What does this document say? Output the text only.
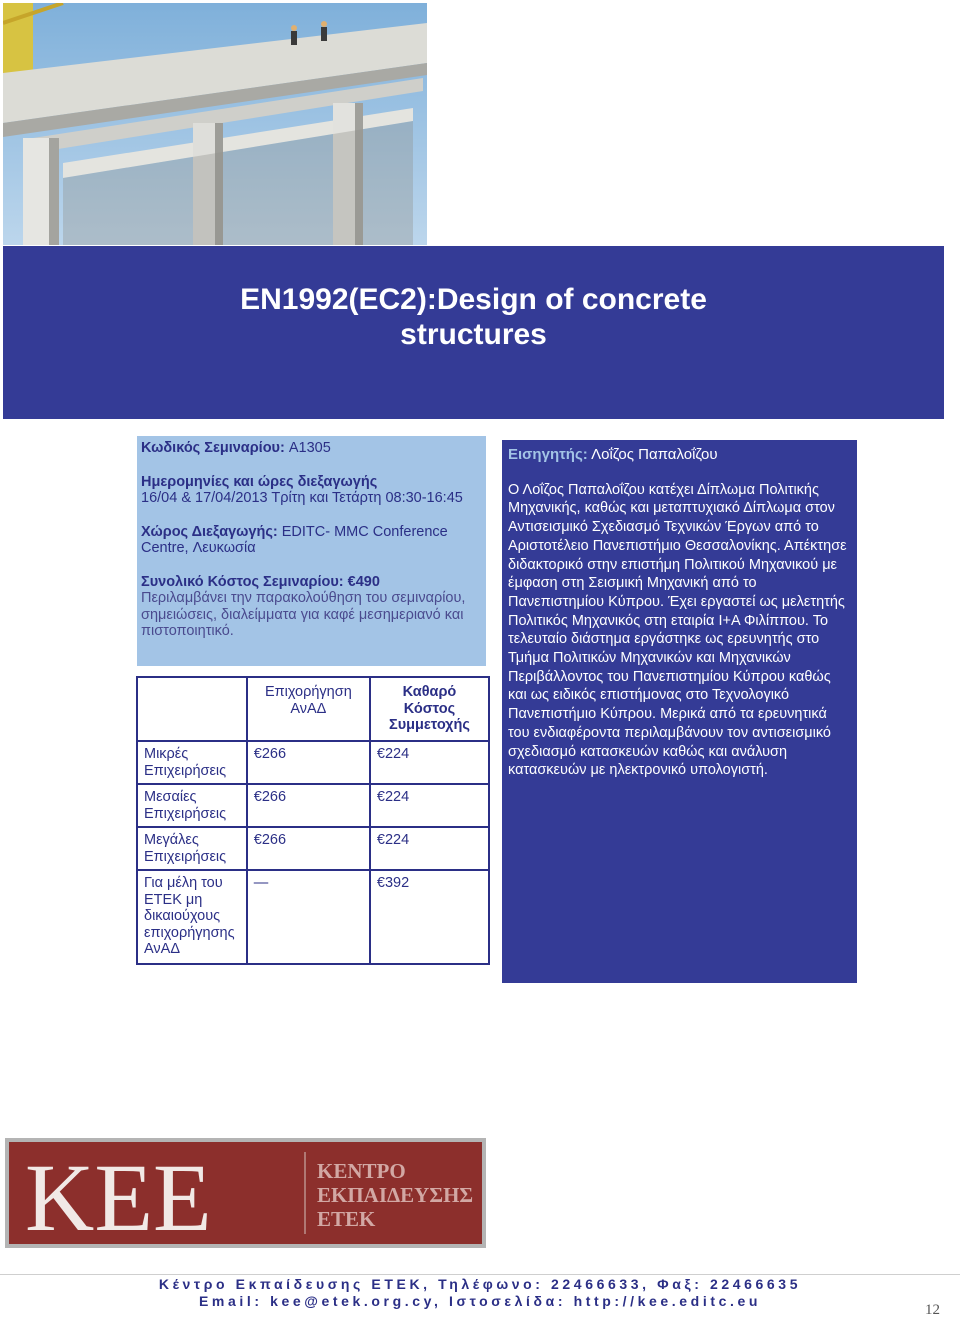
EN1992(EC2):Design of concrete
structures

Κωδικός Σεμιναρίου: A1305

Ημερομηνίες και ώρες διεξαγωγής
16/04 & 17/04/2013 Τρίτη και Τετάρτη 08:30-16:45

Χώρος Διεξαγωγής: EDITC- MMC Conference Centre, Λευκωσία

Συνολικό Κόστος Σεμιναρίου: €490
Περιλαμβάνει την παρακολούθηση του σεμιναρίου, σημειώσεις, διαλείμματα για καφέ μεσημεριανό και πιστοποιητικό.

	Επιχορήγηση ΑνΑΔ	Καθαρό Κόστος Συμμετοχής
Μικρές Επιχειρήσεις	€266	€224
Μεσαίες Επιχειρήσεις	€266	€224
Μεγάλες Επιχειρήσεις	€266	€224
Για μέλη του ΕΤΕΚ μη δικαιούχους επιχορήγησης ΑνΑΔ	—	€392

Εισηγητής: Λοΐζος Παπαλοΐζου

Ο Λοΐζος Παπαλοΐζου κατέχει Δίπλωμα Πολιτικής Μηχανικής, καθώς και μεταπτυχιακό Δίπλωμα στον Αντισεισμικό Σχεδιασμό Τεχνικών Έργων από το Αριστοτέλειο Πανεπιστήμιο Θεσσαλονίκης. Απέκτησε διδακτορικό στην επιστήμη Πολιτικού Μηχανικού με έμφαση στη Σεισμική Μηχανική από το Πανεπιστημίου Κύπρου. Έχει εργαστεί ως μελετητής Πολιτικός Μηχανικός στη εταιρία Ι+Α Φιλίππου. Το τελευταίο διάστημα εργάστηκε ως ερευνητής στο Τμήμα Πολιτικών Μηχανικών και Μηχανικών Περιβάλλοντος του Πανεπιστημίου Κύπρου καθώς και ως ειδικός επιστήμονας στο Τεχνολογικό Πανεπιστήμιο Κύπρου. Μερικά από τα ερευνητικά του ενδιαφέροντα περιλαμβάνουν τον αντισεισμικό σχεδιασμό κατασκευών καθώς και ανάλυση κατασκευών με ηλεκτρονικό υπολογιστή.

KEE	ΚΕΝΤΡΟ
ΕΚΠΑΙΔΕΥΣΗΣ
ΕΤΕΚ
Κέντρο Εκπαίδευσης ΕΤΕΚ, Τηλέφωνο: 22466633, Φαξ: 22466635
Email: kee@etek.org.cy, Ιστοσελίδα: http://kee.editc.eu
12
